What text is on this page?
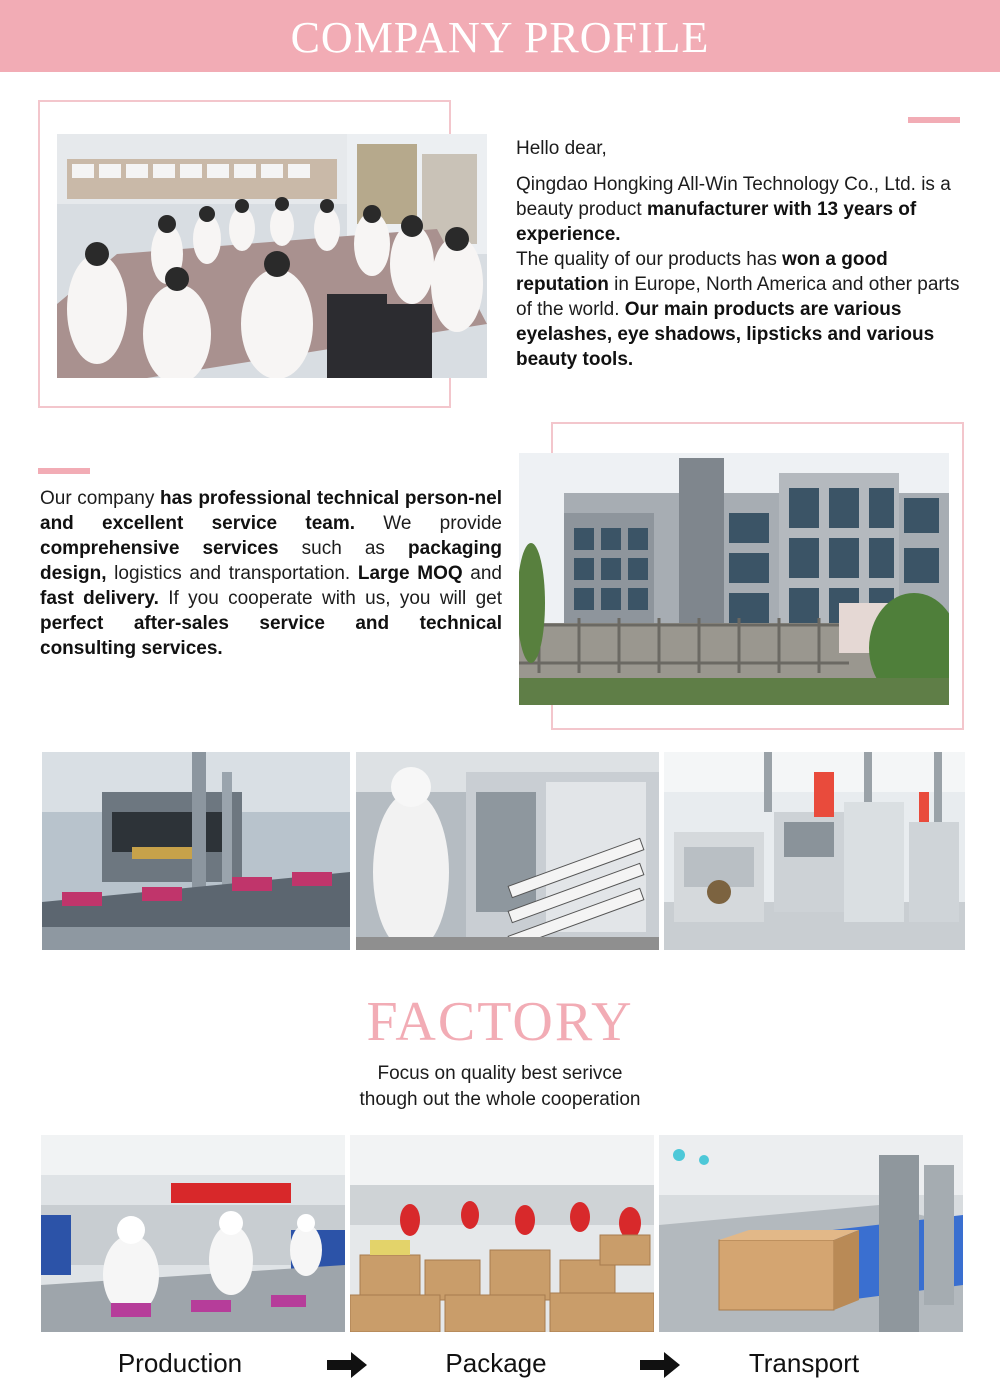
COMPANY PROFILE
Hello dear,
Qingdao Hongking All-Win Technology Co., Ltd. is a beauty product manufacturer with 13 years of experience.
The quality of our products has won a good reputation in Europe, North America and other parts of the world. Our main products are various eyelashes, eye shadows, lipsticks and various beauty tools.
Our company has professional technical person-nel and excellent service team. We provide comprehensive services such as packaging design, logistics and transportation. Large MOQ and fast delivery. If you cooperate with us, you will get perfect after-sales service and technical consulting services.
FACTORY
Focus on quality best serivce
though out the whole cooperation
Production	Package	Transport
